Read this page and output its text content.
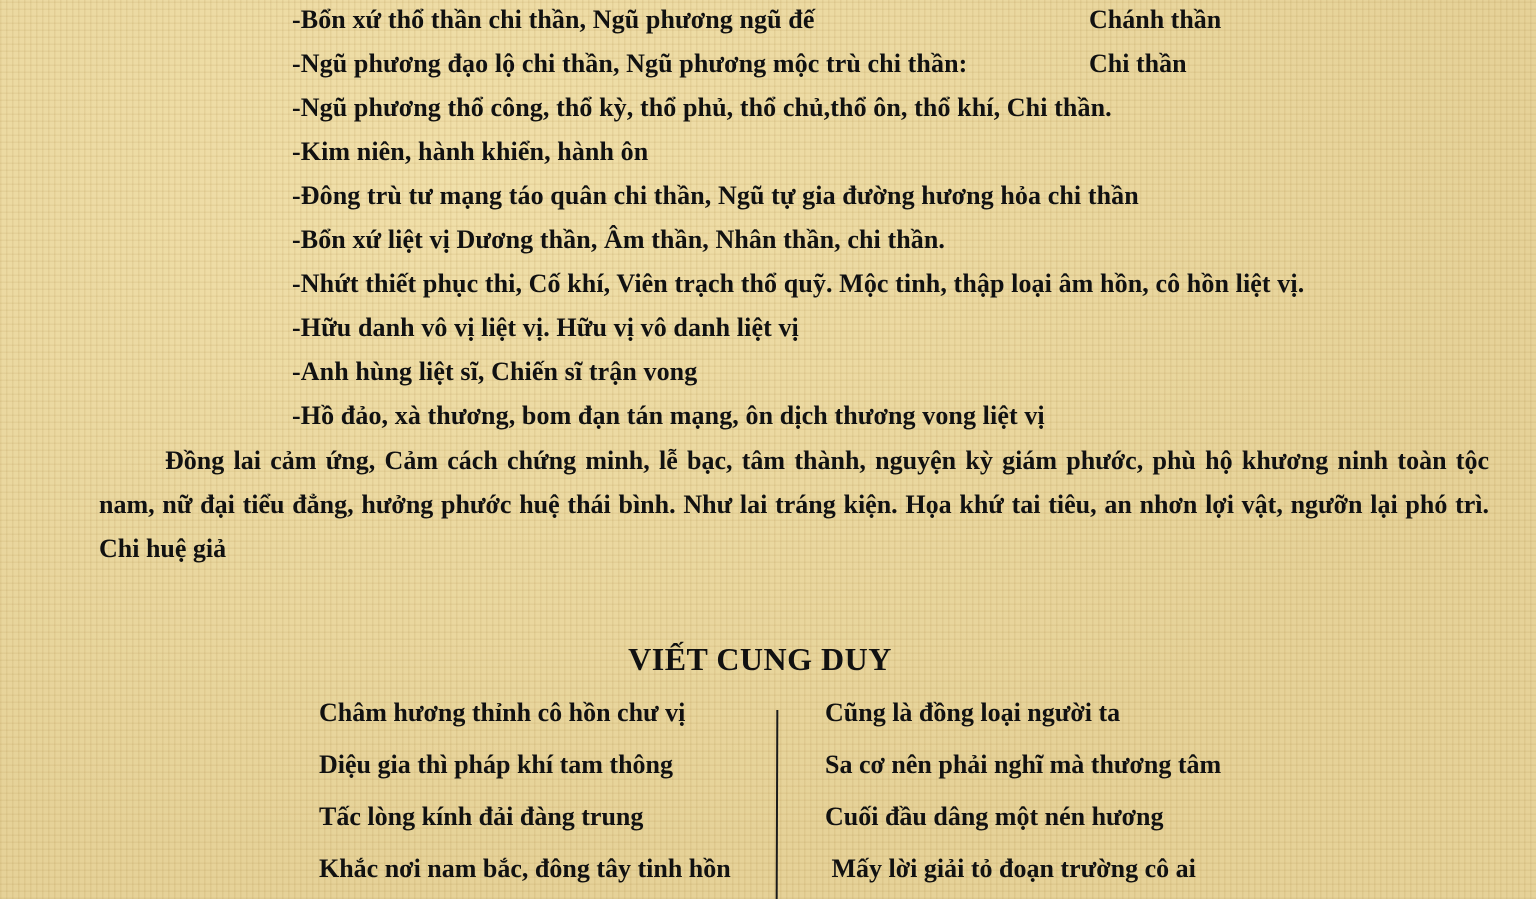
-Bổn xứ thổ thần chi thần, Ngũ phương ngũ đế	Chánh thần
-Ngũ phương đạo lộ chi thần, Ngũ phương mộc trù chi thần:	Chi thần
-Ngũ phương thổ công, thổ kỳ, thổ phủ, thổ chủ,thổ ôn, thổ khí, Chi thần.
-Kim niên, hành khiển, hành ôn
-Đông trù tư mạng táo quân chi thần, Ngũ tự gia đường hương hỏa chi thần
-Bổn xứ liệt vị Dương thần, Âm thần, Nhân thần, chi thần.
-Nhứt thiết phục thi, Cố khí, Viên trạch thổ quỹ. Mộc tinh, thập loại âm hồn, cô hồn liệt vị.
-Hữu danh vô vị liệt vị. Hữu vị vô danh liệt vị
-Anh hùng liệt sĩ, Chiến sĩ trận vong
-Hồ đảo, xà thương, bom đạn tán mạng, ôn dịch thương vong liệt vị
Đồng lai cảm ứng, Cảm cách chứng minh, lễ bạc, tâm thành, nguyện kỳ giám phước, phù hộ khương ninh toàn tộc nam, nữ đại tiểu đẳng, hưởng phước huệ thái bình. Như lai tráng kiện. Họa khứ tai tiêu, an nhơn lợi vật, ngưỡn lại phó trì. Chi huệ giả
VIẾT CUNG DUY
Châm hương thỉnh cô hồn chư vị	Cũng là đồng loại người ta
Diệu gia thì pháp khí tam thông	Sa cơ nên phải nghĩ mà thương tâm
Tấc lòng kính đải đàng trung	Cuối đầu dâng một nén hương
Khắc nơi nam bắc, đông tây tinh hồn	Mấy lời giải tỏ đoạn trường cô ai
